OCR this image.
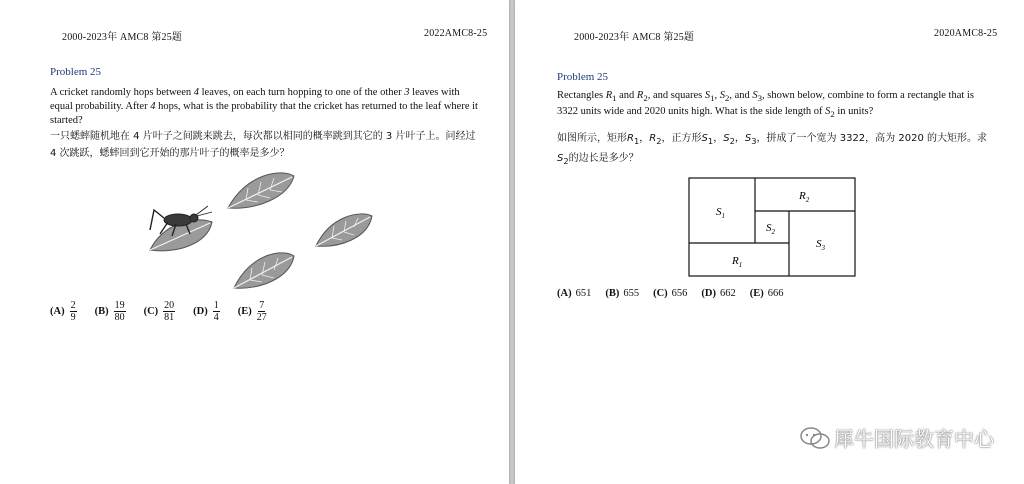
2000-2023年 AMC8 第25题	2022AMC8-25
Problem 25
A cricket randomly hops between 4 leaves, on each turn hopping to one of the other 3 leaves with equal probability. After 4 hops, what is the probability that the cricket has returned to the leaf where it started?
一只蟋蟀随机地在 4 片叶子之间跳来跳去，每次都以相同的概率跳到其它的 3 片叶子上。问经过 4 次跳跃，蟋蟀回到它开始的那片叶子的概率是多少？
$(A) \frac{2}{9} (B) \frac{19}{80} (C) \frac{20}{81} (D) \frac{1}{4} (E) \frac{7}{27}$
2000-2023年 AMC8 第25题	2020AMC8-25
Problem 25
Rectangles $R_1$ and $R_2$, and squares $S_1$, $S_2$, and $S_3$, shown below, combine to form a rectangle that is 3322 units wide and 2020 units high. What is the side length of $S_2$ in units?
如图所示，矩形$R_1$，$R_2$，正方形$S_1$，$S_2$，$S_3$，拼成了一个宽为 3322，高为 2020 的大矩形。求$S_2$的边长是多少？
$S_1$
$S_2$
$S_3$
$R_1$
$R_2$
(A) 651 (B) 655 (C) 656 (D) 662 (E) 666
犀牛国际教育中心
